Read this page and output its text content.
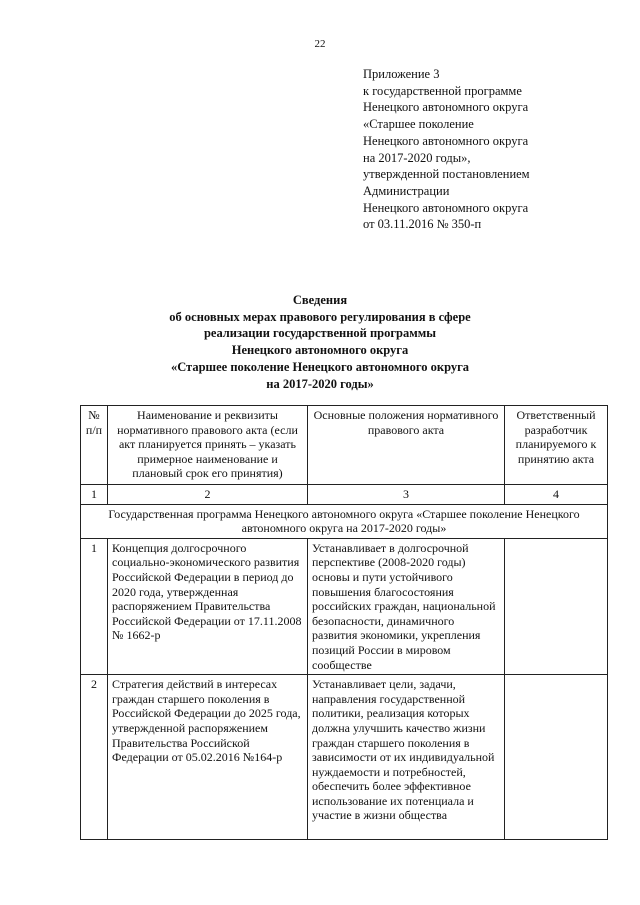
22
Приложение 3
к государственной программе
Ненецкого автономного округа
«Старшее поколение
Ненецкого автономного округа
на 2017-2020 годы»,
утвержденной постановлением
Администрации
Ненецкого автономного округа
от 03.11.2016 № 350-п
Сведения
об основных мерах правового регулирования в сфере
реализации государственной программы
Ненецкого автономного округа
«Старшее поколение Ненецкого автономного округа
на 2017-2020 годы»
№ п/п	Наименование и реквизиты нормативного правового акта (если акт планируется принять – указать примерное наименование и плановый срок его принятия)	Основные положения нормативного правового акта	Ответственный разработчик планируемого к принятию акта
1	2	3	4
Государственная программа Ненецкого автономного округа «Старшее поколение Ненецкого автономного округа на 2017-2020 годы»			
1	Концепция долгосрочного социально-экономического развития Российской Федерации в период до 2020 года, утвержденная распоряжением Правительства Российской Федерации от 17.11.2008 № 1662-р	Устанавливает в долгосрочной перспективе (2008-2020 годы) основы и пути устойчивого повышения благосостояния российских граждан, национальной безопасности, динамичного развития экономики, укрепления позиций России в мировом сообществе	
2	Стратегия действий в интересах граждан старшего поколения в Российской Федерации до 2025 года, утвержденной распоряжением Правительства Российской Федерации от 05.02.2016 №164-р	Устанавливает цели, задачи, направления государственной политики, реализация которых должна улучшить качество жизни граждан старшего поколения в зависимости от их индивидуальной нуждаемости и потребностей, обеспечить более эффективное использование их потенциала и участие в жизни общества	
